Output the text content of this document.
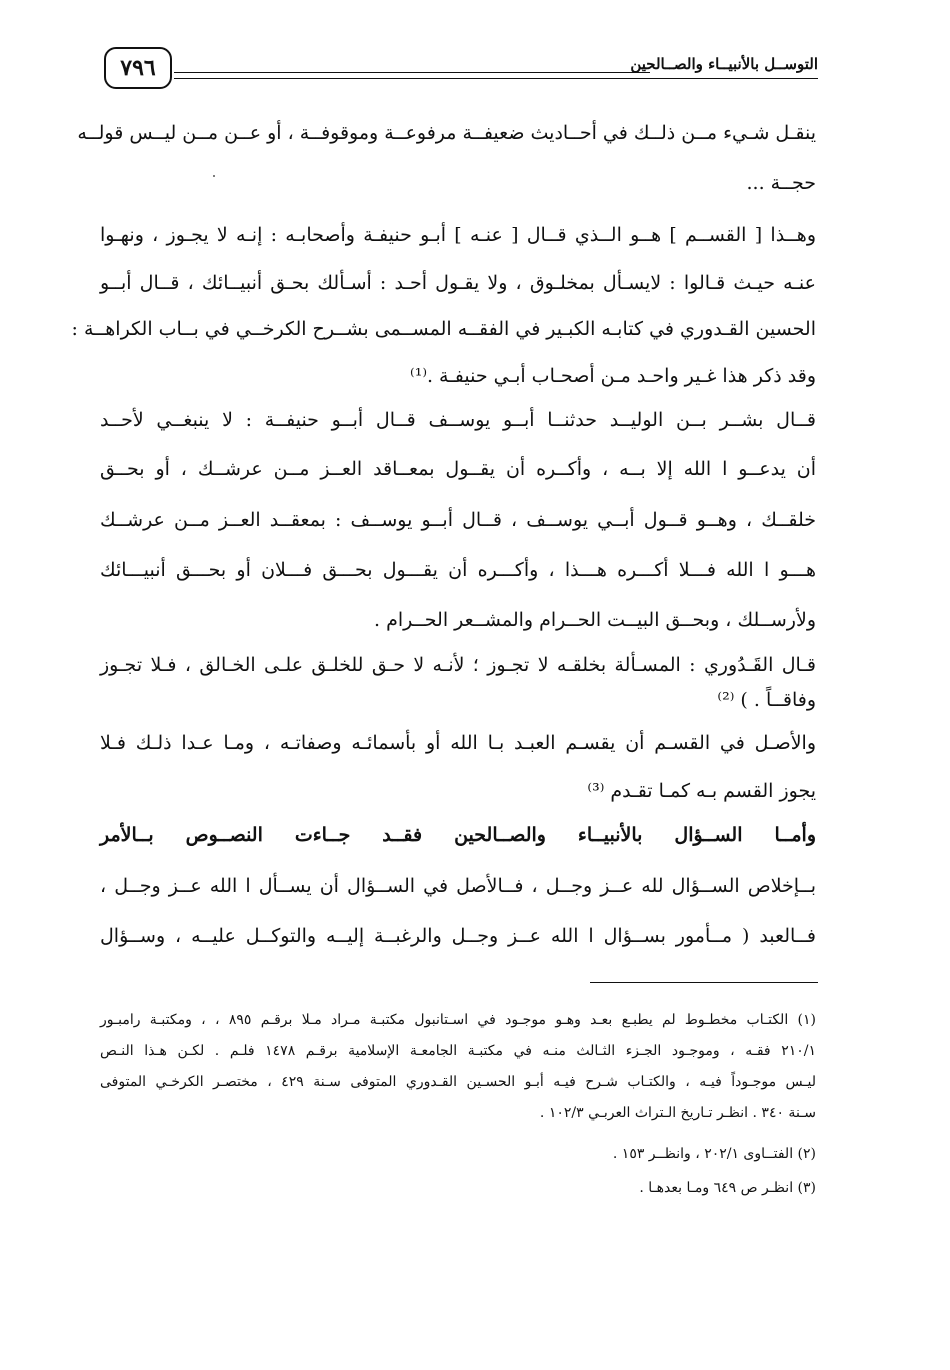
٧٩٦	التوســل بالأنبيــاء والصــالحين
ينقـل شـيء مــن ذلــك في أحــاديث ضعيفــة مرفوعــة وموقوفــة ، أو عــن مــن ليــس قولــه
حجــة ...
وهــذا [ القســم ] هــو الــذي قــال [ عنـه ] أبـو حنيفـة وأصحابـه : إنـه لا يجـوز ، ونهـوا
عنـه حيـث قـالوا : لايسـأل بمخلـوق ، ولا يقـول أحـد : أسـألك بحـق أنبيــائك ، قــال أبــو
الحسين القـدوري في كتابـه الكبـير في الفقــه المســمى بشــرح الكرخــي في بــاب الكراهــة :
وقد ذكر هذا غـير واحـد مـن أصحـاب أبـي حنيفـة .⁽¹⁾
قــال بشــر بــن الوليــد حدثنــا أبــو يوســف قــال أبــو حنيفــة : لا ينبغــي لأحــد
أن يدعــو ا الله إلا بــه ، وأكــره أن يقــول بمعــاقد العــز مــن عرشــك ، أو بحــق
خلقــك ، وهــو قــول أبــي يوســف ، قــال أبــو يوســف : بمعقــد العــز مــن عرشــك
هـــو ا الله فـــلا أكـــره هـــذا ، وأكـــره أن يقـــول بحـــق فـــلان أو بحـــق أنبيـــائك
ولأرســلك ، وبحــق البيــت الحــرام والمشــعر الحــرام .
قـال القَـدُوري : المسـألة بخلقـه لا تجـوز ؛ لأنـه لا حـق للخلـق علـى الخـالق ، فـلا تجـوز
وفاقــاً . ) ⁽²⁾
والأصـل في القسـم أن يقسـم العبـد بـا الله أو بأسمائـه وصفاتـه ، ومـا عـدا ذلـك فـلا
يجوز القسم بـه كمـا تقـدم ⁽³⁾
وأمــا الســؤال بالأنبيــاء والصــالحين فقــد جــاءت النصــوص بــالأمر
بــإخلاص الســؤال لله عــز وجــل ، فــالأصل في الســؤال أن يســأل ا الله عــز وجــل ،
فــالعبد ( مــأمور بســؤال ا الله عــز وجــل والرغبــة إليــه والتوكــل عليــه ، وســؤال
(١) الكتـاب مخطـوط لم يطبـع بعـد وهـو موجـود في اسـتانبول مكتبـة مـراد مـلا برقـم ٨٩٥ ، ، ومكتبـة رامبـور
٢١٠/١ فقـه ، وموجـود الجـزء الثـالث منـه في مكتبـة الجامعـة الإسلامية برقـم ١٤٧٨ فلـم . لكـن هـذا النـص
ليـس موجـوداً فيـه ، والكتـاب شـرح فيـه أبـو الحسـين القـدوري المتوفى سـنة ٤٢٩ ، مختصـر الكرخـي المتوفى
سـنة ٣٤٠ . انظـر تـاريخ الـتراث العربـي ١٠٢/٣ .
(٢) الفتــاوى ٢٠٢/١ ، وانظــر ١٥٣ .
(٣) انظـر ص ٦٤٩ ومـا بعدهـا .
